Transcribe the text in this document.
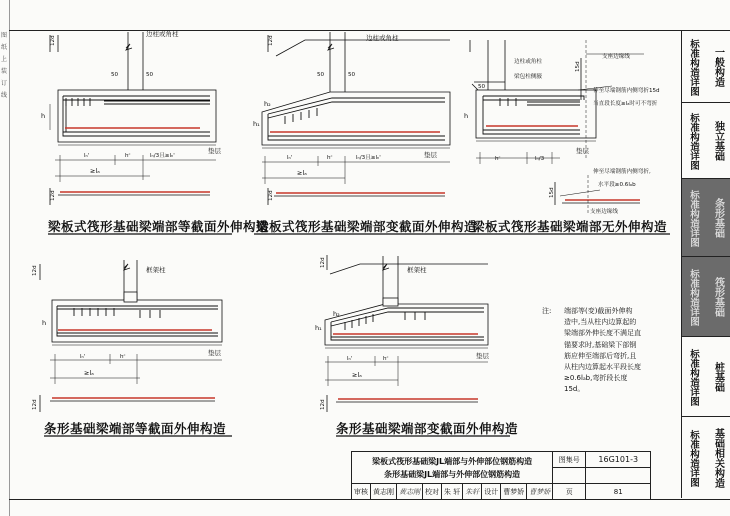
图
纸
上
装
订
线
边柱或角柱
50	50
h
lₙ'	hᶜ	lₙ/3且≥lₙ'
≥lₐ
垫层
12d
12d
边柱或角柱
50	50
h₁
h₂
lₙ'	hᶜ	lₙ/3且≥lₙ'
≥lₐ
垫层
12d
12d
边柱或角柱
梁包柱侧腋
支座边缘线
伸至尽端钢筋内侧弯折15d
当直段长度≥lₐ时可不弯折
伸至尽端钢筋内侧弯折,
水平段≥0.6lₐb
支座边缘线
50
h
lₙ/3
hᶜ
垫层
15d
15d
框架柱
h
lₙ'	hᶜ
≥lₐ
垫层
12d
12d
框架柱
h₁
h₂
lₙ'	hᶜ
≥lₐ
垫层
12d
12d
梁板式筏形基础梁端部等截面外伸构造
梁板式筏形基础梁端部变截面外伸构造
梁板式筏形基础梁端部无外伸构造
条形基础梁端部等截面外伸构造	条形基础梁端部变截面外伸构造
注: 端部等(变)截面外伸构
造中,当从柱内边算起的
梁端部外伸长度不满足直
锚要求时,基础梁下部钢
筋应伸至端部后弯折,且
从柱内边算起水平段长度
≥0.6lₐb,弯折段长度
15d。
标准构造详图	一般构造
标准构造详图	独立基础
标准构造详图	条形基础
标准构造详图	筏形基础
标准构造详图	桩基础
标准构造详图	基础相关构造
梁板式筏形基础梁JL端部与外伸部位钢筋构造
条形基础梁JL端部与外伸部位钢筋构造									图集号	16G101-3

审核	黄志刚	黄志刚	校对	朱 轩	朱轩	设计	曹梦娇	曹梦娇	页	81
